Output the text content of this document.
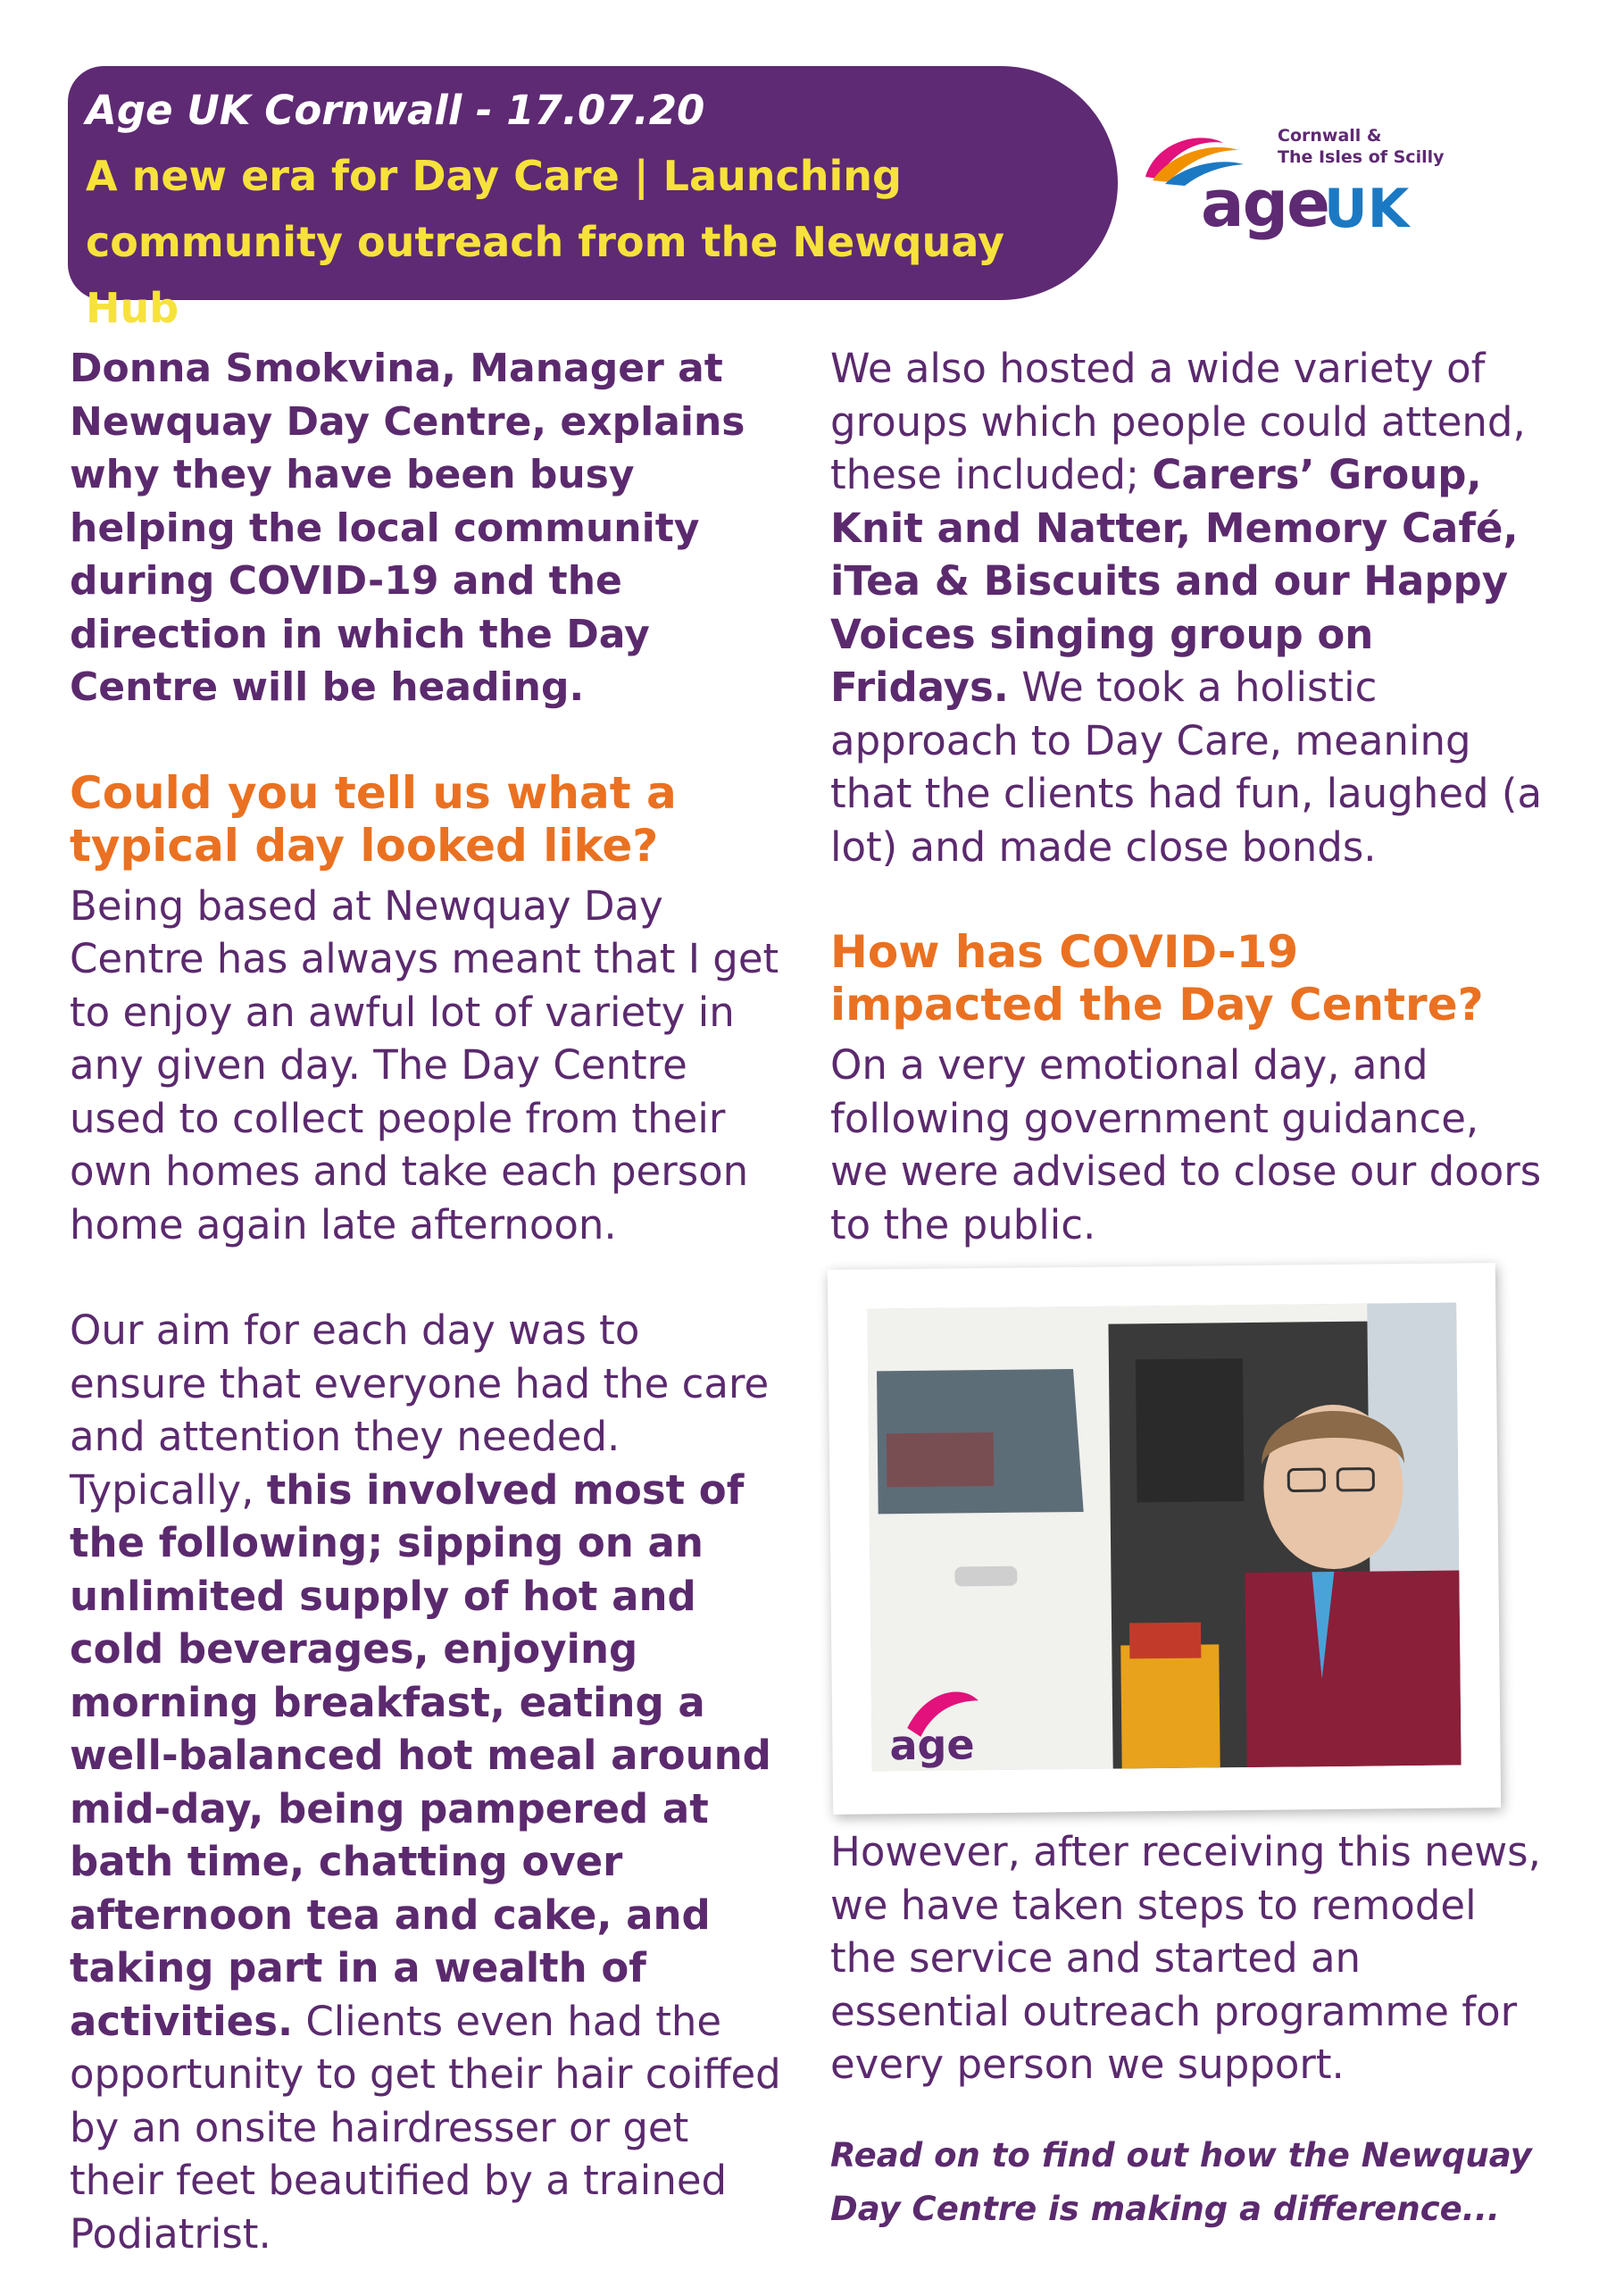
Age UK Cornwall - 17.07.20
A new era for Day Care | Launching community outreach from the Newquay Hub
Cornwall &
The Isles of Scilly
age
UK

Donna Smokvina, Manager at Newquay Day Centre, explains why they have been busy helping the local community during COVID-19 and the direction in which the Day Centre will be heading.

Could you tell us what a typical day looked like?

Being based at Newquay Day Centre has always meant that I get to enjoy an awful lot of variety in any given day. The Day Centre used to collect people from their own homes and take each person home again late afternoon.

Our aim for each day was to ensure that everyone had the care and attention they needed. Typically, this involved most of the following; sipping on an unlimited supply of hot and cold beverages, enjoying morning breakfast, eating a well-balanced hot meal around mid-day, being pampered at bath time, chatting over afternoon tea and cake, and taking part in a wealth of activities. Clients even had the opportunity to get their hair coiffed by an onsite hairdresser or get their feet beautified by a trained Podiatrist.

We also hosted a wide variety of groups which people could attend, these included; Carers’ Group, Knit and Natter, Memory Café, iTea & Biscuits and our Happy Voices singing group on Fridays. We took a holistic approach to Day Care, meaning that the clients had fun, laughed (a lot) and made close bonds.

How has COVID-19 impacted the Day Centre?

On a very emotional day, and following government guidance, we were advised to close our doors to the public.

age

However, after receiving this news, we have taken steps to remodel the service and started an essential outreach programme for every person we support.

Read on to find out how the Newquay Day Centre is making a difference...
